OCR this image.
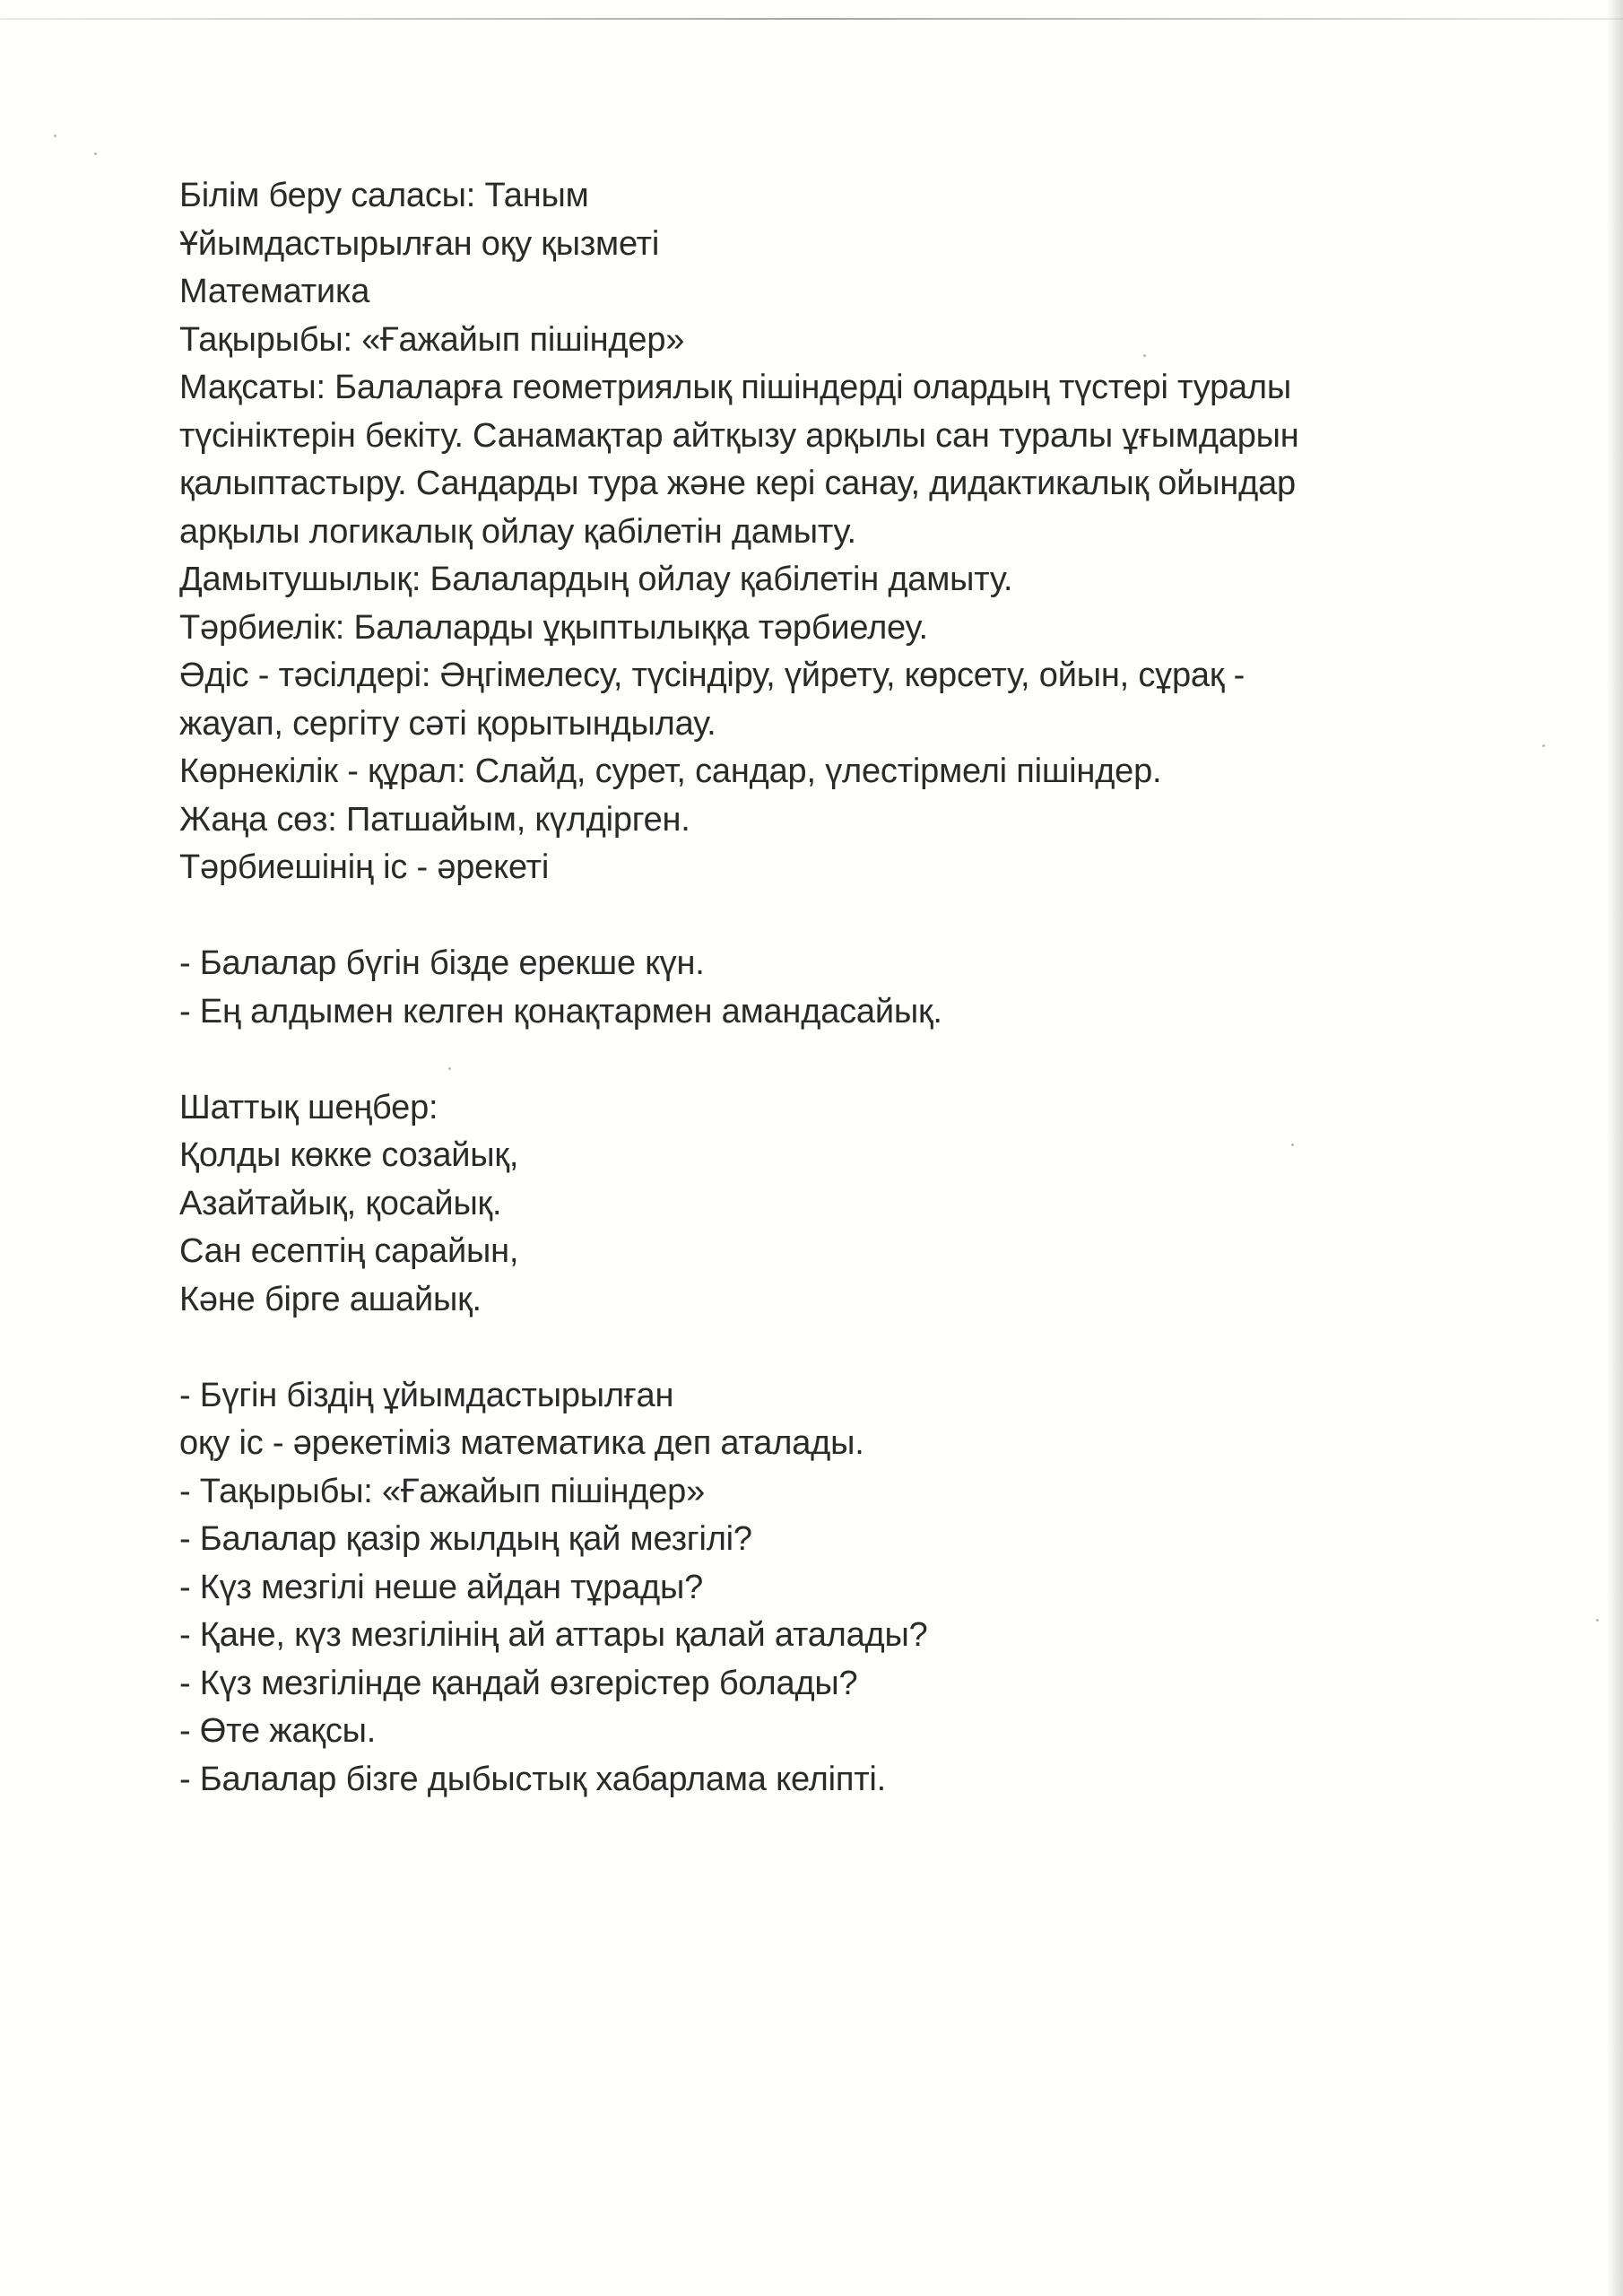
Білім беру саласы: Таным
Ұйымдастырылған оқу қызметі
Математика
Тақырыбы: «Ғажайып пішіндер»
Мақсаты: Балаларға геометриялық пішіндерді олардың түстері туралы
түсініктерін бекіту. Санамақтар айтқызу арқылы сан туралы ұғымдарын
қалыптастыру. Сандарды тура және кері санау, дидактикалық ойындар
арқылы логикалық ойлау қабілетін дамыту.
Дамытушылық: Балалардың ойлау қабілетін дамыту.
Тәрбиелік: Балаларды ұқыптылыққа тәрбиелеу.
Әдіс - тәсілдері: Әңгімелесу, түсіндіру, үйрету, көрсету, ойын, сұрақ -
жауап, сергіту сәті қорытындылау.
Көрнекілік - құрал: Слайд, сурет, сандар, үлестірмелі пішіндер.
Жаңа сөз: Патшайым, күлдірген.
Тәрбиешінің іс - әрекеті
- Балалар бүгін бізде ерекше күн.
- Ең алдымен келген қонақтармен амандасайық.
Шаттық шеңбер:
Қолды көкке созайық,
Азайтайық, қосайық.
Сан есептің сарайын,
Кәне бірге ашайық.
- Бүгін біздің ұйымдастырылған
оқу іс - әрекетіміз математика деп аталады.
- Тақырыбы: «Ғажайып пішіндер»
- Балалар қазір жылдың қай мезгілі?
- Күз мезгілі неше айдан тұрады?
- Қане, күз мезгілінің ай аттары қалай аталады?
- Күз мезгілінде қандай өзгерістер болады?
- Өте жақсы.
- Балалар бізге дыбыстық хабарлама келіпті.
